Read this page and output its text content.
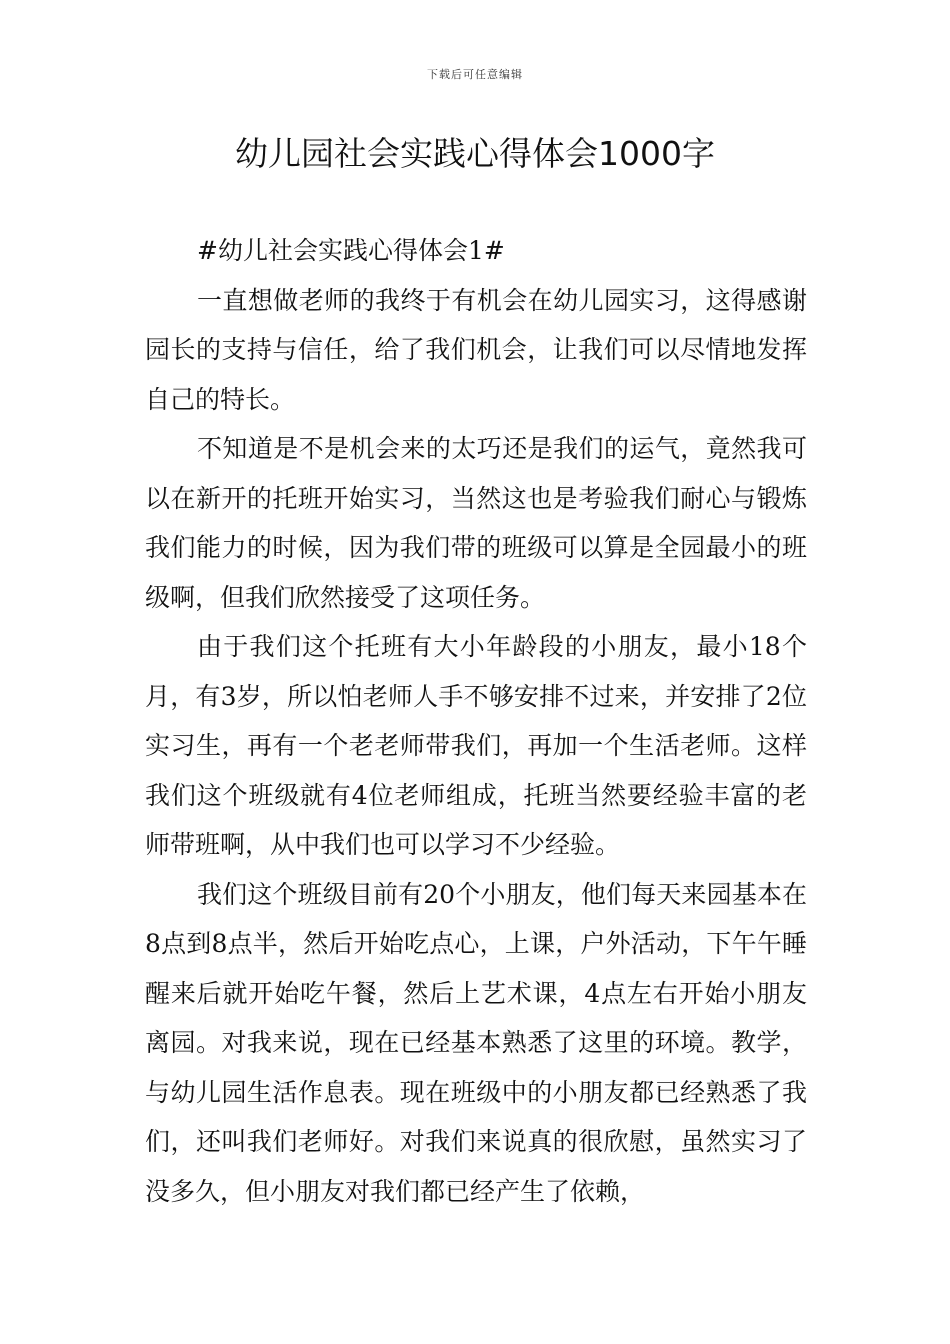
下载后可任意编辑
幼儿园社会实践心得体会1000字

#幼儿社会实践心得体会1#

一直想做老师的我终于有机会在幼儿园实习，这得感谢园长的支持与信任，给了我们机会，让我们可以尽情地发挥自己的特长。

不知道是不是机会来的太巧还是我们的运气，竟然我可以在新开的托班开始实习，当然这也是考验我们耐心与锻炼我们能力的时候，因为我们带的班级可以算是全园最小的班级啊，但我们欣然接受了这项任务。

由于我们这个托班有大小年龄段的小朋友，最小18个月，有3岁，所以怕老师人手不够安排不过来，并安排了2位实习生，再有一个老老师带我们，再加一个生活老师。这样我们这个班级就有4位老师组成，托班当然要经验丰富的老师带班啊，从中我们也可以学习不少经验。

我们这个班级目前有20个小朋友，他们每天来园基本在8点到8点半，然后开始吃点心，上课，户外活动，下午午睡醒来后就开始吃午餐，然后上艺术课，4点左右开始小朋友离园。对我来说，现在已经基本熟悉了这里的环境。教学，与幼儿园生活作息表。现在班级中的小朋友都已经熟悉了我们，还叫我们老师好。对我们来说真的很欣慰，虽然实习了没多久，但小朋友对我们都已经产生了依赖，
